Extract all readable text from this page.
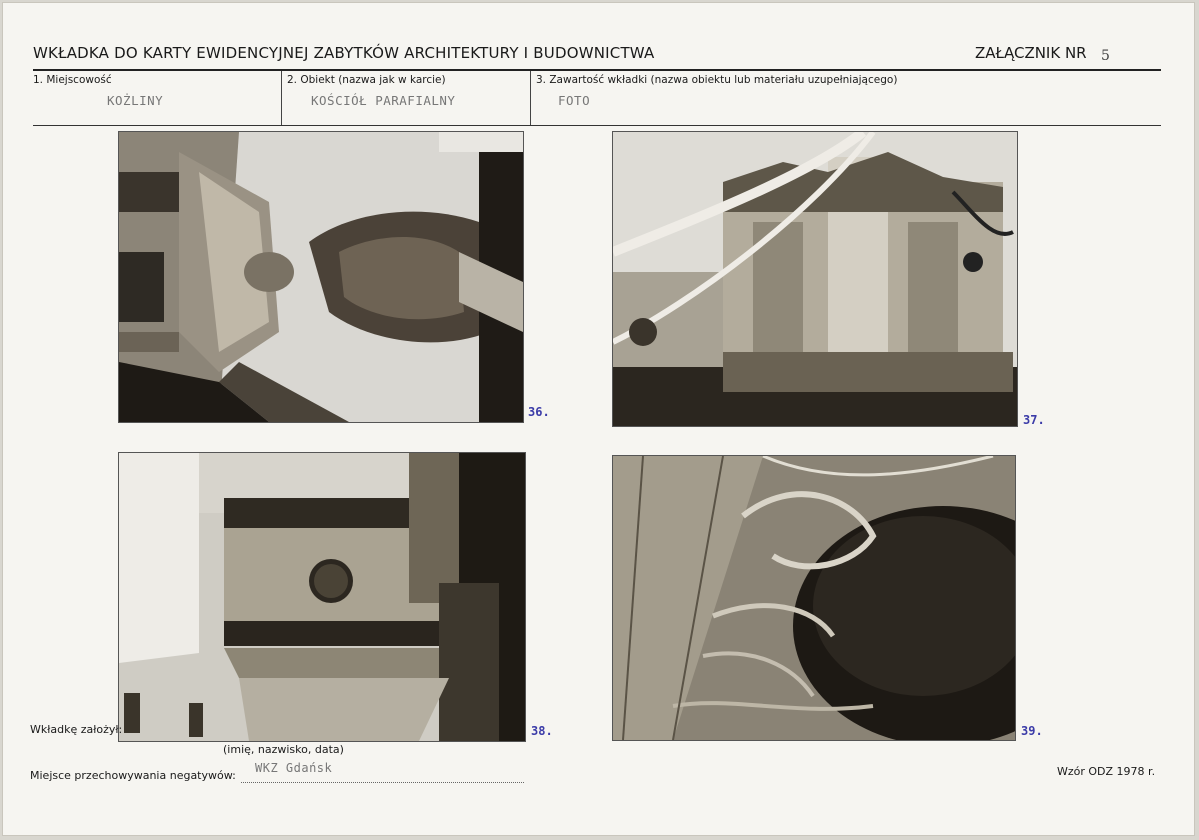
WKŁADKA DO KARTY EWIDENCYJNEJ ZABYTKÓW ARCHITEKTURY I BUDOWNICTWA	ZAŁĄCZNIK NR 5
1. Miejscowość
KOŻLINY
2. Obiekt (nazwa jak w karcie)
KOŚCIÓŁ PARAFIALNY
3. Zawartość wkładki (nazwa obiektu lub materiału uzupełniającego)
FOTO
36.
37.
38.	39.
Wkładkę założył:
(imię, nazwisko, data)
Miejsce przechowywania negatywów:
WKZ Gdańsk	Wzór ODZ 1978 r.
